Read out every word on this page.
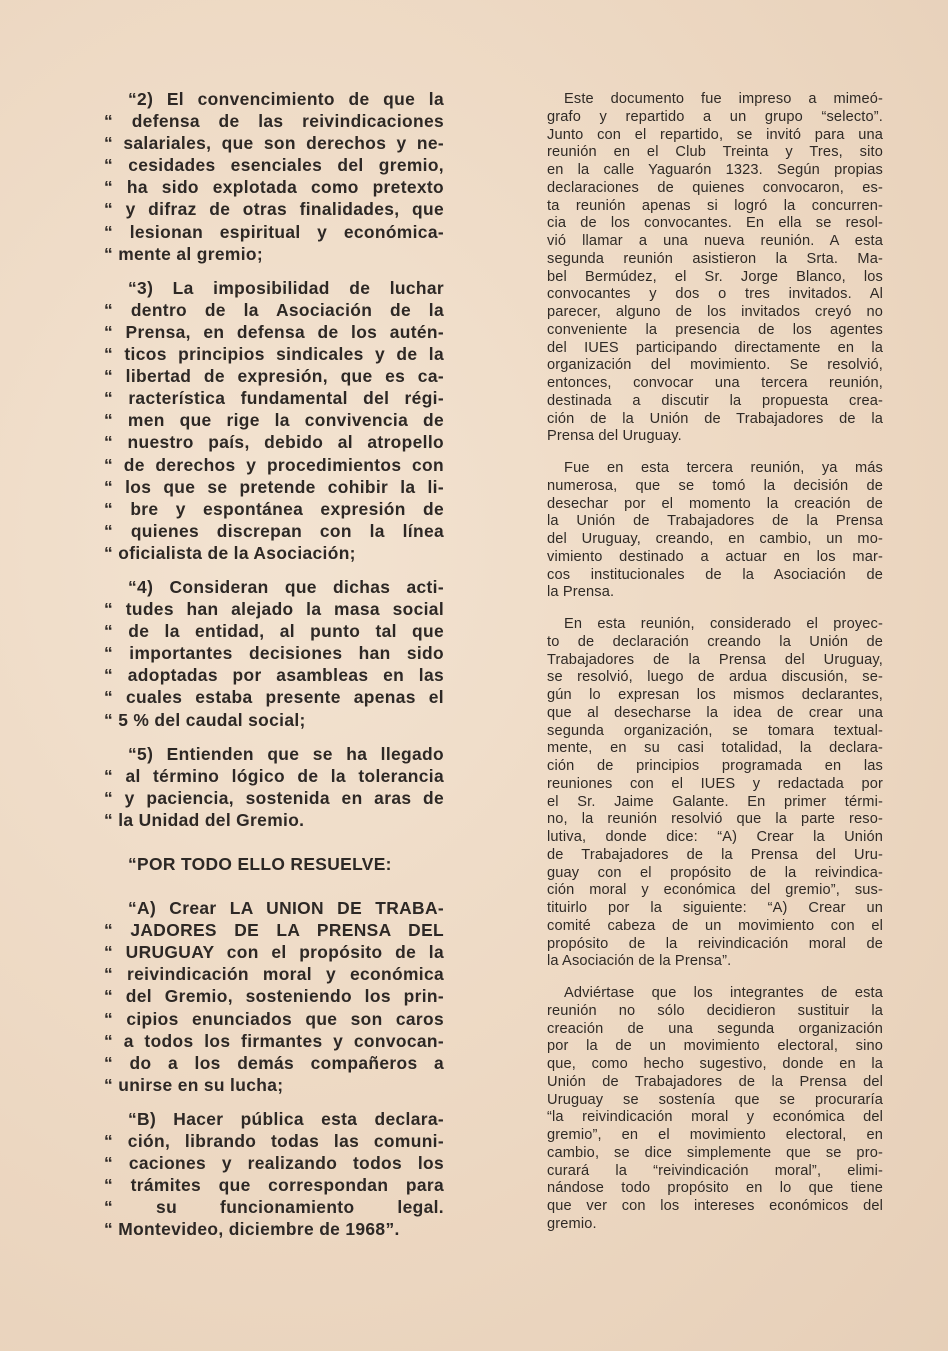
“2) El convencimiento de que la
“ defensa de las reivindicaciones
“ salariales, que son derechos y ne-
“ cesidades esenciales del gremio,
“ ha sido explotada como pretexto
“ y difraz de otras finalidades, que
“ lesionan espiritual y económica-
“ mente al gremio;
“3) La imposibilidad de luchar
“ dentro de la Asociación de la
“ Prensa, en defensa de los autén-
“ ticos principios sindicales y de la
“ libertad de expresión, que es ca-
“ racterística fundamental del régi-
“ men que rige la convivencia de
“ nuestro país, debido al atropello
“ de derechos y procedimientos con
“ los que se pretende cohibir la li-
“ bre y espontánea expresión de
“ quienes discrepan con la línea
“ oficialista de la Asociación;
“4) Consideran que dichas acti-
“ tudes han alejado la masa social
“ de la entidad, al punto tal que
“ importantes decisiones han sido
“ adoptadas por asambleas en las
“ cuales estaba presente apenas el
“ 5 % del caudal social;
“5) Entienden que se ha llegado
“ al término lógico de la tolerancia
“ y paciencia, sostenida en aras de
“ la Unidad del Gremio.
“POR TODO ELLO RESUELVE:
“A) Crear LA UNION DE TRABA-
“ JADORES DE LA PRENSA DEL
“ URUGUAY con el propósito de la
“ reivindicación moral y económica
“ del Gremio, sosteniendo los prin-
“ cipios enunciados que son caros
“ a todos los firmantes y convocan-
“ do a los demás compañeros a
“ unirse en su lucha;
“B) Hacer pública esta declara-
“ ción, librando todas las comuni-
“ caciones y realizando todos los
“ trámites que correspondan para
“ su funcionamiento legal.
“ Montevideo, diciembre de 1968”.
Este documento fue impreso a mimeó-
grafo y repartido a un grupo “selecto”.
Junto con el repartido, se invitó para una
reunión en el Club Treinta y Tres, sito
en la calle Yaguarón 1323. Según propias
declaraciones de quienes convocaron, es-
ta reunión apenas si logró la concurren-
cia de los convocantes. En ella se resol-
vió llamar a una nueva reunión. A esta
segunda reunión asistieron la Srta. Ma-
bel Bermúdez, el Sr. Jorge Blanco, los
convocantes y dos o tres invitados. Al
parecer, alguno de los invitados creyó no
conveniente la presencia de los agentes
del IUES participando directamente en la
organización del movimiento. Se resolvió,
entonces, convocar una tercera reunión,
destinada a discutir la propuesta crea-
ción de la Unión de Trabajadores de la
Prensa del Uruguay.
Fue en esta tercera reunión, ya más
numerosa, que se tomó la decisión de
desechar por el momento la creación de
la Unión de Trabajadores de la Prensa
del Uruguay, creando, en cambio, un mo-
vimiento destinado a actuar en los mar-
cos institucionales de la Asociación de
la Prensa.
En esta reunión, considerado el proyec-
to de declaración creando la Unión de
Trabajadores de la Prensa del Uruguay,
se resolvió, luego de ardua discusión, se-
gún lo expresan los mismos declarantes,
que al desecharse la idea de crear una
segunda organización, se tomara textual-
mente, en su casi totalidad, la declara-
ción de principios programada en las
reuniones con el IUES y redactada por
el Sr. Jaime Galante. En primer térmi-
no, la reunión resolvió que la parte reso-
lutiva, donde dice: “A) Crear la Unión
de Trabajadores de la Prensa del Uru-
guay con el propósito de la reivindica-
ción moral y económica del gremio”, sus-
tituirlo por la siguiente: “A) Crear un
comité cabeza de un movimiento con el
propósito de la reivindicación moral de
la Asociación de la Prensa”.
Adviértase que los integrantes de esta
reunión no sólo decidieron sustituir la
creación de una segunda organización
por la de un movimiento electoral, sino
que, como hecho sugestivo, donde en la
Unión de Trabajadores de la Prensa del
Uruguay se sostenía que se procuraría
“la reivindicación moral y económica del
gremio”, en el movimiento electoral, en
cambio, se dice simplemente que se pro-
curará la “reivindicación moral”, elimi-
nándose todo propósito en lo que tiene
que ver con los intereses económicos del
gremio.
